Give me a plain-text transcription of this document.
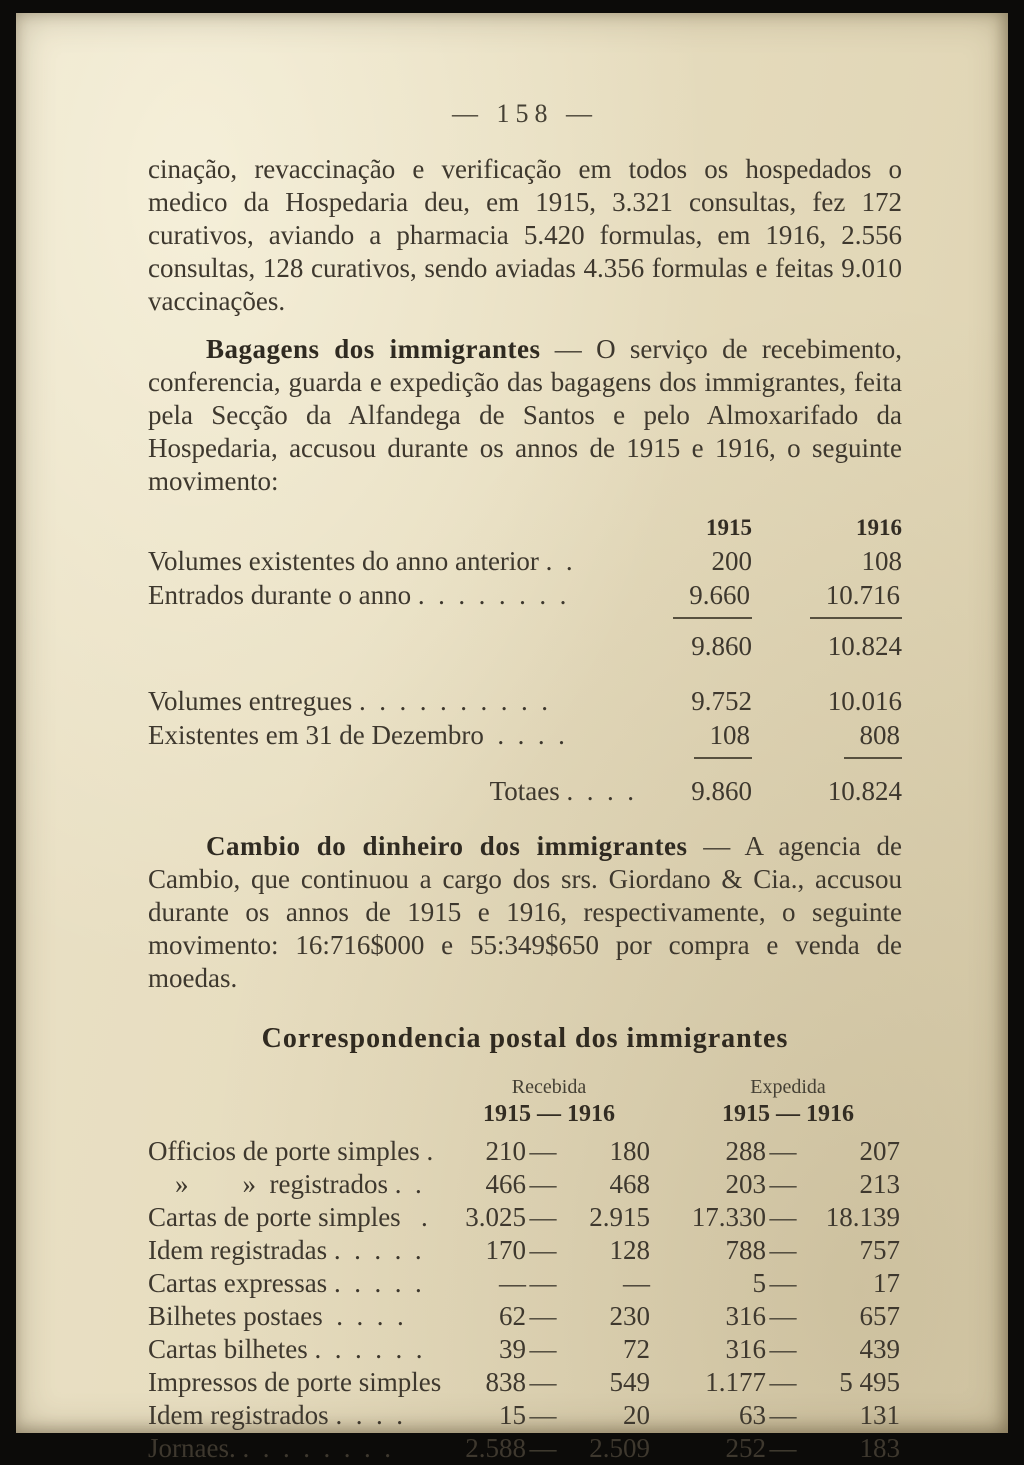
— 158 —

cinação, revaccinação e verificação em todos os hospedados o medico da Hospedaria deu, em 1915, 3.321 consultas, fez 172 curativos, aviando a pharmacia 5.420 formulas, em 1916, 2.556 consultas, 128 curativos, sendo aviadas 4.356 formulas e feitas 9.010 vaccinações.

Bagagens dos immigrantes — O serviço de recebimento, conferencia, guarda e expedição das bagagens dos immigrantes, feita pela Secção da Alfandega de Santos e pelo Almoxarifado da Hospedaria, accusou durante os annos de 1915 e 1916, o seguinte movimento:

1915	1916
Volumes existentes do anno anterior .  .	200	108
Entrados durante o anno .  .  .  .  .  .  .  .	9.660	10.716
9.860	10.824
Volumes entregues .  .  .  .  .  .  .  .  .  .	9.752	10.016
Existentes em 31 de Dezembro  .  .  .  .	108	808
Totaes .  .  .  .	9.860	10.824

Cambio do dinheiro dos immigrantes — A agencia de Cambio, que continuou a cargo dos srs. Giordano & Cia., accusou durante os annos de 1915 e 1916, respectivamente, o seguinte movimento: 16:716$000 e 55:349$650 por compra e venda de moedas.

Correspondencia postal dos immigrantes
Recebida	Expedida
1915 — 1916	1915 — 1916
Officios de porte simples .	210 —	180	288 —	207
»        »  registrados .  .	466 —	468	203 —	213
Cartas de porte simples   .	3.025 —	2.915	17.330 —	18.139
Idem registradas .  .  .  .  .	170 —	128	788 —	757
Cartas expressas .  .  .  .  .	— —	—	5 —	17
Bilhetes postaes  .  .  .  .	62 —	230	316 —	657
Cartas bilhetes .  .  .  .  .  .	39 —	72	316 —	439
Impressos de porte simples	838 —	549	1.177 —	5 495
Idem registrados .  .  .  .	15 —	20	63 —	131
Jornaes. .  .  .  .  .  .  .  .	2.588 —	2.509	252 —	183
